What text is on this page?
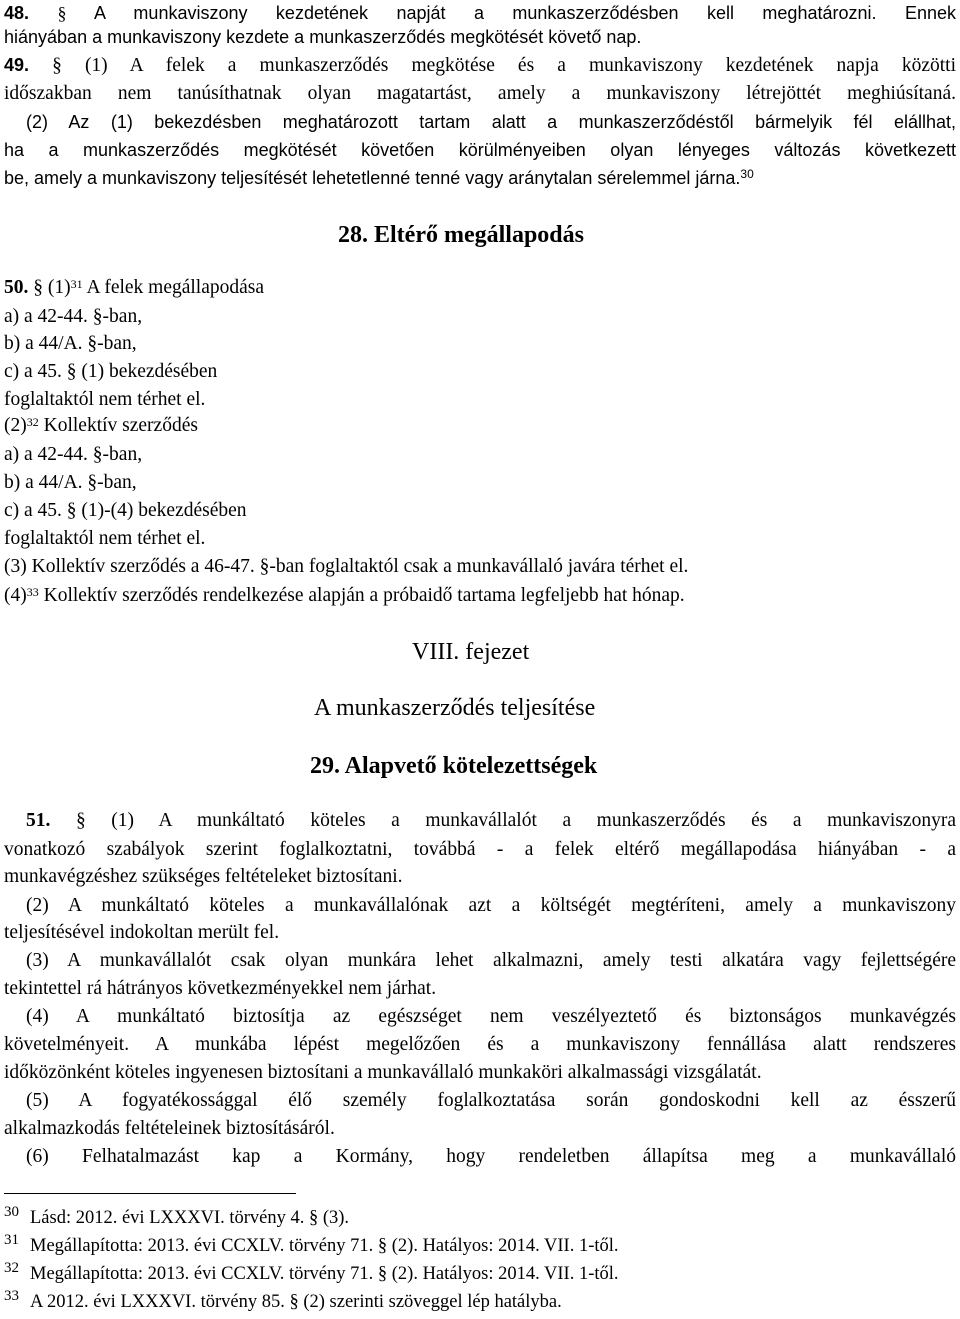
48. § A munkaviszony kezdetének napját a munkaszerződésben kell meghatározni. Ennek
hiányában a munkaviszony kezdete a munkaszerződés megkötését követő nap.
49. § (1) A felek a munkaszerződés megkötése és a munkaviszony kezdetének napja közötti
időszakban nem tanúsíthatnak olyan magatartást, amely a munkaviszony létrejöttét meghiúsítaná.
(2) Az (1) bekezdésben meghatározott tartam alatt a munkaszerződéstől bármelyik fél elállhat,
ha a munkaszerződés megkötését követően körülményeiben olyan lényeges változás következett
be, amely a munkaviszony teljesítését lehetetlenné tenné vagy aránytalan sérelemmel járna.$^{30}$
28. Eltérő megállapodás
50. § $(1)^{31}$ A felek megállapodása
a) a 42-44. §-ban,
b) a 44/A. §-ban,
c) a 45. § (1) bekezdésében
foglaltaktól nem térhet el.
$(2)^{32}$ Kollektív szerződés
a) a 42-44. §-ban,
b) a 44/A. §-ban,
c) a 45. § (1)-(4) bekezdésében
foglaltaktól nem térhet el.
(3) Kollektív szerződés a 46-47. §-ban foglaltaktól csak a munkavállaló javára térhet el.
$(4)^{33}$ Kollektív szerződés rendelkezése alapján a próbaidő tartama legfeljebb hat hónap.
VIII. fejezet
A munkaszerződés teljesítése
29. Alapvető kötelezettségek
51. § (1) A munkáltató köteles a munkavállalót a munkaszerződés és a munkaviszonyra
vonatkozó szabályok szerint foglalkoztatni, továbbá - a felek eltérő megállapodása hiányában - a
munkavégzéshez szükséges feltételeket biztosítani.
(2) A munkáltató köteles a munkavállalónak azt a költségét megtéríteni, amely a munkaviszony
teljesítésével indokoltan merült fel.
(3) A munkavállalót csak olyan munkára lehet alkalmazni, amely testi alkatára vagy fejlettségére
tekintettel rá hátrányos következményekkel nem járhat.
(4) A munkáltató biztosítja az egészséget nem veszélyeztető és biztonságos munkavégzés
követelményeit. A munkába lépést megelőzően és a munkaviszony fennállása alatt rendszeres
időközönként köteles ingyenesen biztosítani a munkavállaló munkaköri alkalmassági vizsgálatát.
(5) A fogyatékossággal élő személy foglalkoztatása során gondoskodni kell az ésszerű
alkalmazkodás feltételeinek biztosításáról.
(6) Felhatalmazást kap a Kormány, hogy rendeletben állapítsa meg a munkavállaló
30 Lásd: 2012. évi LXXXVI. törvény 4. § (3).
31 Megállapította: 2013. évi CCXLV. törvény 71. § (2). Hatályos: 2014. VII. 1-től.
32 Megállapította: 2013. évi CCXLV. törvény 71. § (2). Hatályos: 2014. VII. 1-től.
33 A 2012. évi LXXXVI. törvény 85. § (2) szerinti szöveggel lép hatályba.
